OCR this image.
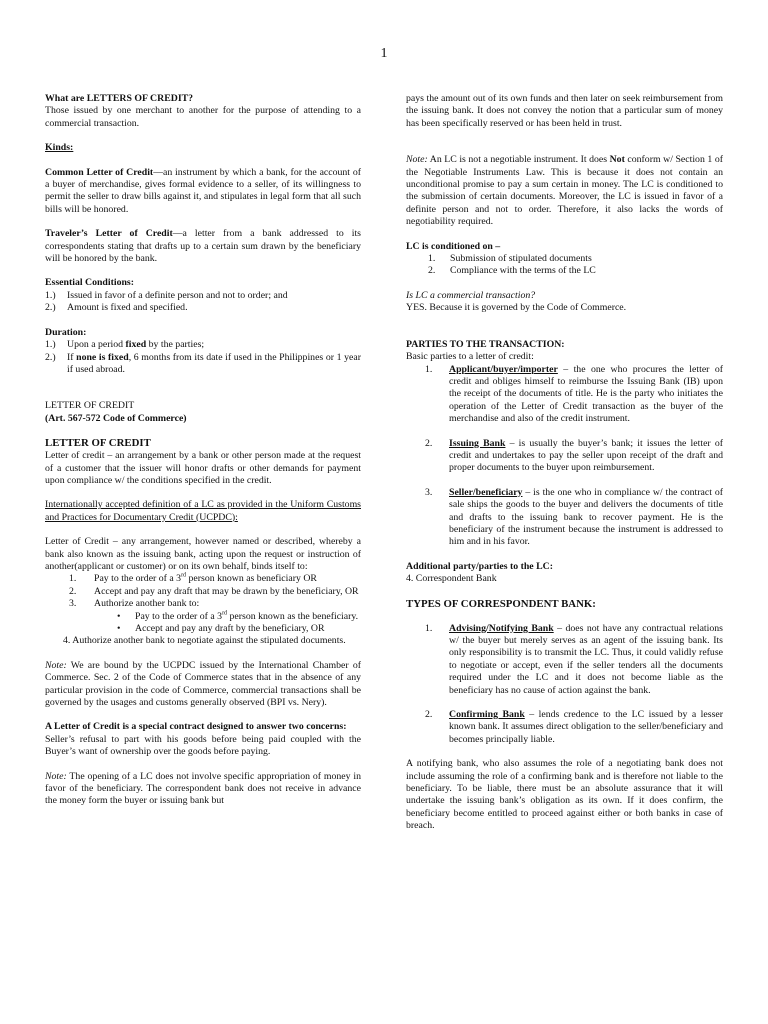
1

What are LETTERS OF CREDIT?

Those issued by one merchant to another for the purpose of attending to a commercial transaction.

Kinds:

Common Letter of Credit—an instrument by which a bank, for the account of a buyer of merchandise, gives formal evidence to a seller, of its willingness to permit the seller to draw bills against it, and stipulates in legal form that all such bills will be honored.

Traveler’s Letter of Credit—a letter from a bank addressed to its correspondents stating that drafts up to a certain sum drawn by the beneficiary will be honored by the bank.

Essential Conditions:

1.)	Issued in favor of a definite person and not to order; and
2.)	Amount is fixed and specified.

Duration:

1.)	Upon a period fixed by the parties;
2.)	If none is fixed, 6 months from its date if used in the Philippines or 1 year if used abroad.

LETTER OF CREDIT

(Art. 567-572 Code of Commerce)

LETTER OF CREDIT

Letter of credit – an arrangement by a bank or other person made at the request of a customer that the issuer will honor drafts or other demands for payment upon compliance w/ the conditions specified in the credit.

Internationally accepted definition of a LC as provided in the Uniform Customs and Practices for Documentary Credit (UCPDC):

Letter of Credit – any arrangement, however named or described, whereby a bank also known as the issuing bank, acting upon the request or instruction of another(applicant or customer) or on its own behalf, binds itself to:

1.	Pay to the order of a 3rd person known as beneficiary OR
2.	Accept and pay any draft that may be drawn by the beneficiary, OR
3.	Authorize another bank to:
•	Pay to the order of a 3rd person known as the beneficiary.
•	Accept and pay any draft by the beneficiary, OR

4. Authorize another bank to negotiate against the stipulated documents.

Note: We are bound by the UCPDC issued by the International Chamber of Commerce. Sec. 2 of the Code of Commerce states that in the absence of any particular provision in the code of Commerce, commercial transactions shall be governed by the usages and customs generally observed (BPI vs. Nery).

A Letter of Credit is a special contract designed to answer two concerns:

Seller’s refusal to part with his goods before being paid coupled with the Buyer’s want of ownership over the goods before paying.

Note: The opening of a LC does not involve specific appropriation of money in favor of the beneficiary. The correspondent bank does not receive in advance the money form the buyer or issuing bank but

pays the amount out of its own funds and then later on seek reimbursement from the issuing bank. It does not convey the notion that a particular sum of money has been specifically reserved or has been held in trust.

Note: An LC is not a negotiable instrument. It does Not conform w/ Section 1 of the Negotiable Instruments Law. This is because it does not contain an unconditional promise to pay a sum certain in money. The LC is conditioned to the submission of certain documents. Moreover, the LC is issued in favor of a definite person and not to order. Therefore, it also lacks the words of negotiability required.

LC is conditioned on –

1.	Submission of stipulated documents
2.	Compliance with the terms of the LC

Is LC a commercial transaction?

YES. Because it is governed by the Code of Commerce.

PARTIES TO THE TRANSACTION:

Basic parties to a letter of credit:

1.	Applicant/buyer/importer – the one who procures the letter of credit and obliges himself to reimburse the Issuing Bank (IB) upon the receipt of the documents of title. He is the party who initiates the operation of the Letter of Credit transaction as the buyer of the merchandise and also of the credit instrument.
2.	Issuing Bank – is usually the buyer’s bank; it issues the letter of credit and undertakes to pay the seller upon receipt of the draft and proper documents to the buyer upon reimbursement.
3.	Seller/beneficiary – is the one who in compliance w/ the contract of sale ships the goods to the buyer and delivers the documents of title and drafts to the issuing bank to recover payment. He is the beneficiary of the instrument because the instrument is addressed to him and in his favor.

Additional party/parties to the LC:

4. Correspondent Bank

TYPES OF CORRESPONDENT BANK:

1.	Advising/Notifying Bank – does not have any contractual relations w/ the buyer but merely serves as an agent of the issuing bank. Its only responsibility is to transmit the LC. Thus, it could validly refuse to negotiate or accept, even if the seller tenders all the documents required under the LC and it does not become liable as the beneficiary has no cause of action against the bank.
2.	Confirming Bank – lends credence to the LC issued by a lesser known bank. It assumes direct obligation to the seller/beneficiary and becomes principally liable.

A notifying bank, who also assumes the role of a negotiating bank does not include assuming the role of a confirming bank and is therefore not liable to the beneficiary. To be liable, there must be an absolute assurance that it will undertake the issuing bank’s obligation as its own. If it does confirm, the beneficiary become entitled to proceed against either or both banks in case of breach.
